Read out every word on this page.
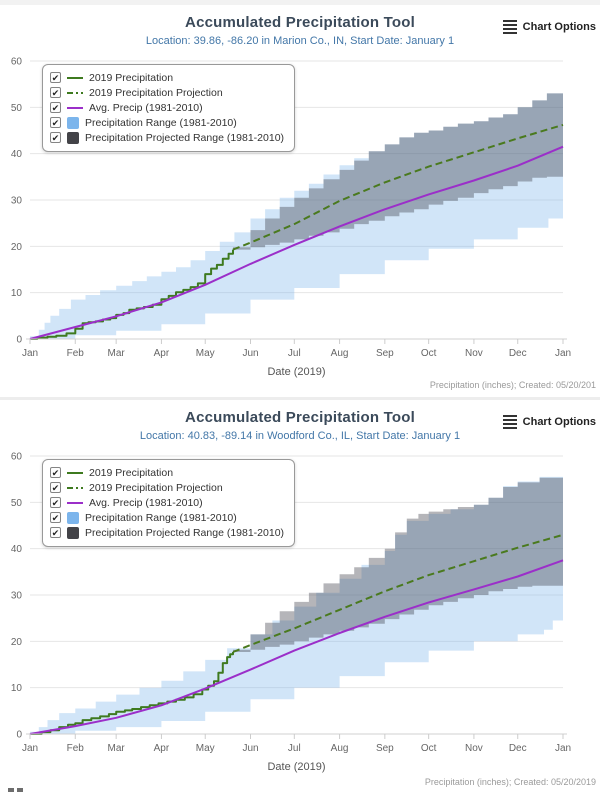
Accumulated Precipitation Tool
Location: 39.86, -86.20 in Marion Co., IN, Start Date: January 1
Chart Options
0
10
20
30
40
50
60
Jan	Feb Mar	Apr	May	Jun	Jul	Aug	Sep	Oct	Nov	Dec	Jan
Date (2019)
✔	2019 Precipitation
✔	2019 Precipitation Projection
✔	Avg. Precip (1981-2010)
✔ Precipitation Range (1981-2010)
✔ Precipitation Projected Range (1981-2010)
Precipitation (inches); Created: 05/20/201
Accumulated Precipitation Tool
Location: 40.83, -89.14 in Woodford Co., IL, Start Date: January 1
Chart Options
0
10
20
30
40
50
60
Jan	Feb Mar	Apr	May	Jun	Jul	Aug	Sep	Oct	Nov	Dec	Jan
Date (2019)
✔	2019 Precipitation
✔	2019 Precipitation Projection
✔	Avg. Precip (1981-2010)
✔ Precipitation Range (1981-2010)
✔ Precipitation Projected Range (1981-2010)
Precipitation (inches); Created: 05/20/2019
